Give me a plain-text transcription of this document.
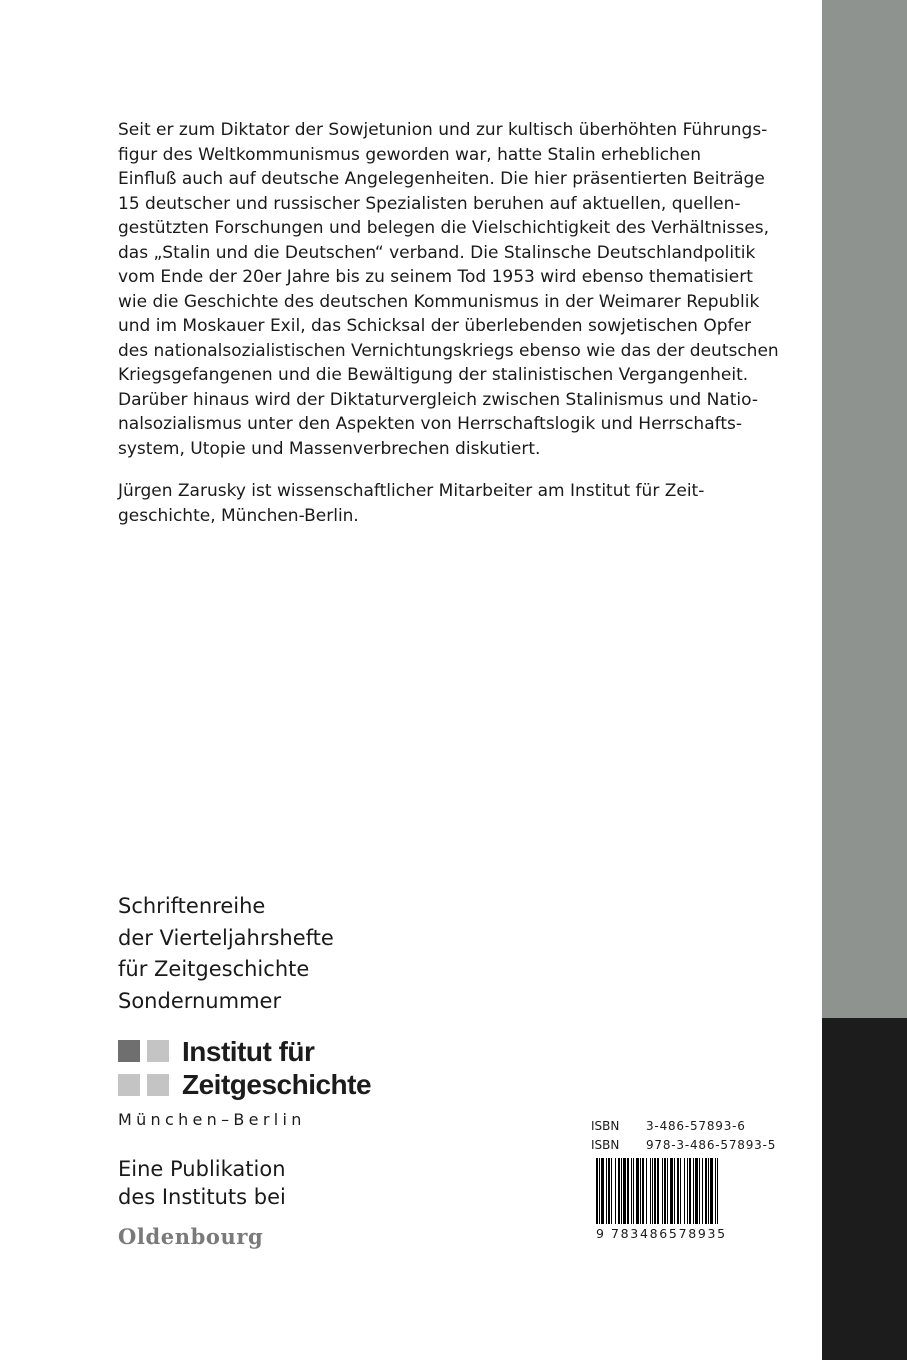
Seit er zum Diktator der Sowjetunion und zur kultisch überhöhten Führungs-
figur des Weltkommunismus geworden war, hatte Stalin erheblichen
Einfluß auch auf deutsche Angelegenheiten. Die hier präsentierten Beiträge
15 deutscher und russischer Spezialisten beruhen auf aktuellen, quellen-
gestützten Forschungen und belegen die Vielschichtigkeit des Verhältnisses,
das „Stalin und die Deutschen“ verband. Die Stalinsche Deutschlandpolitik
vom Ende der 20er Jahre bis zu seinem Tod 1953 wird ebenso thematisiert
wie die Geschichte des deutschen Kommunismus in der Weimarer Republik
und im Moskauer Exil, das Schicksal der überlebenden sowjetischen Opfer
des nationalsozialistischen Vernichtungskriegs ebenso wie das der deutschen
Kriegsgefangenen und die Bewältigung der stalinistischen Vergangenheit.
Darüber hinaus wird der Diktaturvergleich zwischen Stalinismus und Natio-
nalsozialismus unter den Aspekten von Herrschaftslogik und Herrschafts-
system, Utopie und Massenverbrechen diskutiert.
Jürgen Zarusky ist wissenschaftlicher Mitarbeiter am Institut für Zeit-
geschichte, München-Berlin.
Schriftenreihe
der Vierteljahrshefte
für Zeitgeschichte
Sondernummer
Institut für
Zeitgeschichte
München–Berlin
Eine Publikation
des Instituts bei
Oldenbourg
ISBN	3-486-57893-6
ISBN	978-3-486-57893-5
9 783486578935
